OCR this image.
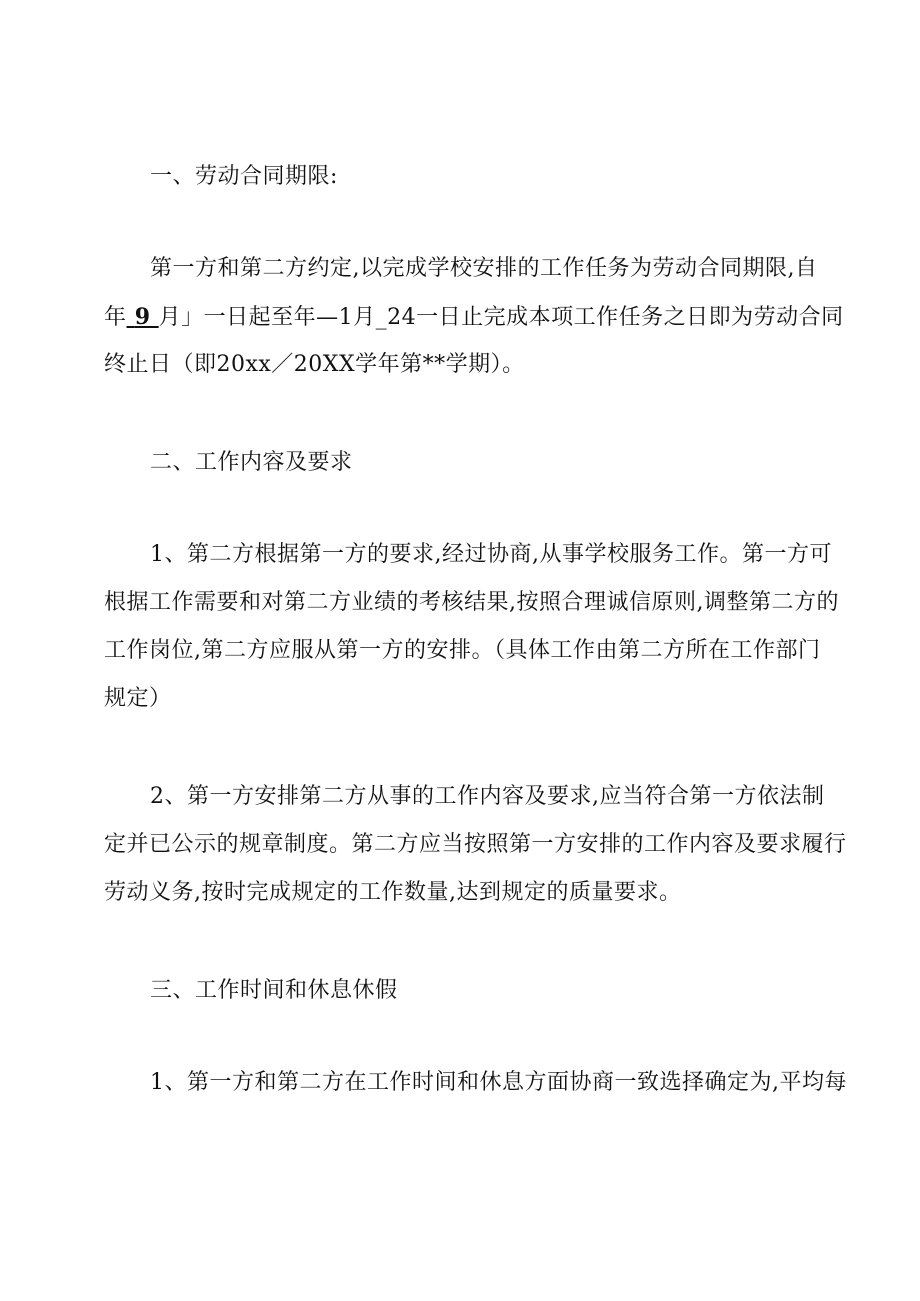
一、劳动合同期限:
第一方和第二方约定,以完成学校安排的工作任务为劳动合同期限,自
年 9 月」一日起至年—1月_24一日止完成本项工作任务之日即为劳动合同
终止日（即20xx／20XX学年第**学期）。
二、工作内容及要求
1、第二方根据第一方的要求,经过协商,从事学校服务工作。第一方可
根据工作需要和对第二方业绩的考核结果,按照合理诚信原则,调整第二方的
工作岗位,第二方应服从第一方的安排。（具体工作由第二方所在工作部门
规定）
2、第一方安排第二方从事的工作内容及要求,应当符合第一方依法制
定并已公示的规章制度。第二方应当按照第一方安排的工作内容及要求履行
劳动义务,按时完成规定的工作数量,达到规定的质量要求。
三、工作时间和休息休假
1、第一方和第二方在工作时间和休息方面协商一致选择确定为,平均每
